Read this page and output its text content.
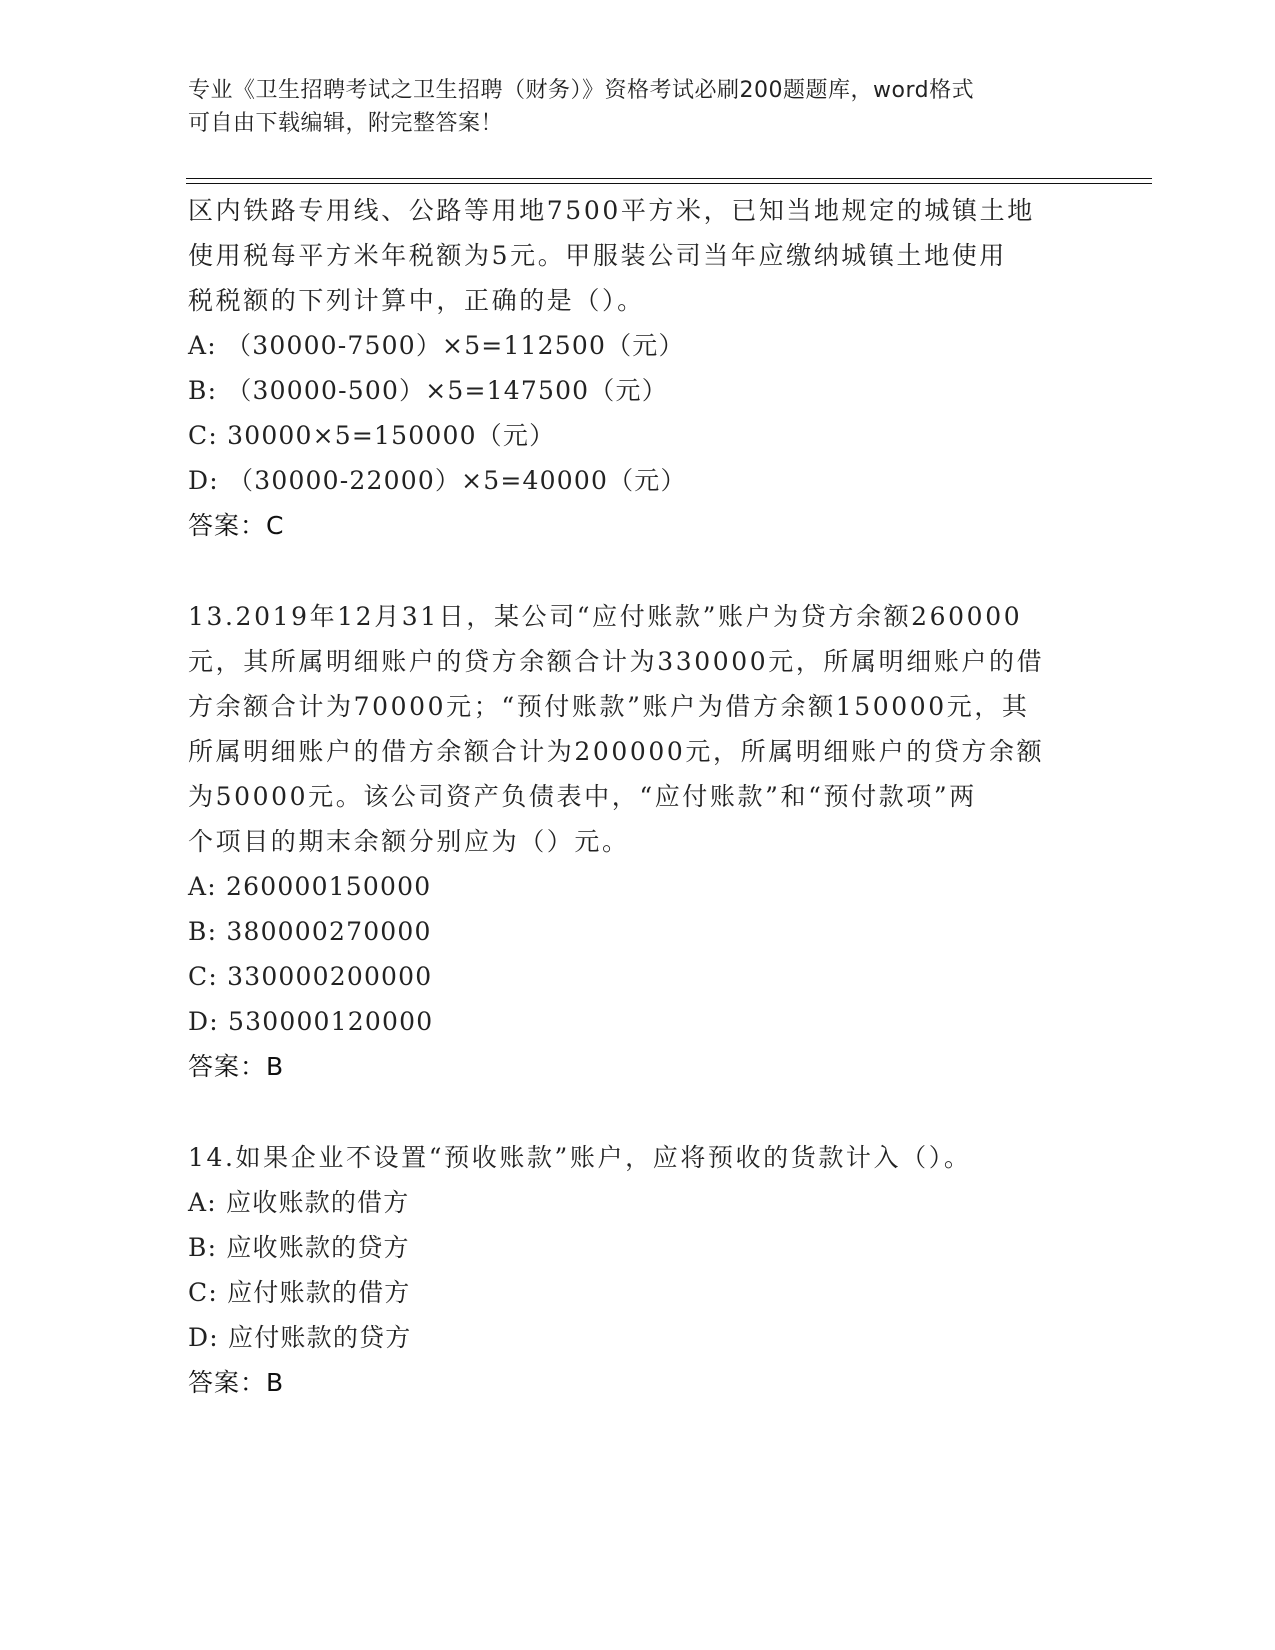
专业《卫生招聘考试之卫生招聘（财务）》资格考试必刷200题题库，word格式
可自由下载编辑，附完整答案！
区内铁路专用线、公路等用地7500平方米，已知当地规定的城镇土地
使用税每平方米年税额为5元。甲服装公司当年应缴纳城镇土地使用
税税额的下列计算中，正确的是（）。
A: （30000-7500）×5=112500（元）
B: （30000-500）×5=147500（元）
C: 30000×5=150000（元）
D: （30000-22000）×5=40000（元）
答案：C
13.2019年12月31日，某公司“应付账款”账户为贷方余额260000
元，其所属明细账户的贷方余额合计为330000元，所属明细账户的借
方余额合计为70000元；“预付账款”账户为借方余额150000元，其
所属明细账户的借方余额合计为200000元，所属明细账户的贷方余额
为50000元。该公司资产负债表中，“应付账款”和“预付款项”两
个项目的期末余额分别应为（）元。
A: 260000150000
B: 380000270000
C: 330000200000
D: 530000120000
答案：B
14.如果企业不设置“预收账款”账户，应将预收的货款计入（）。
A: 应收账款的借方
B: 应收账款的贷方
C: 应付账款的借方
D: 应付账款的贷方
答案：B
